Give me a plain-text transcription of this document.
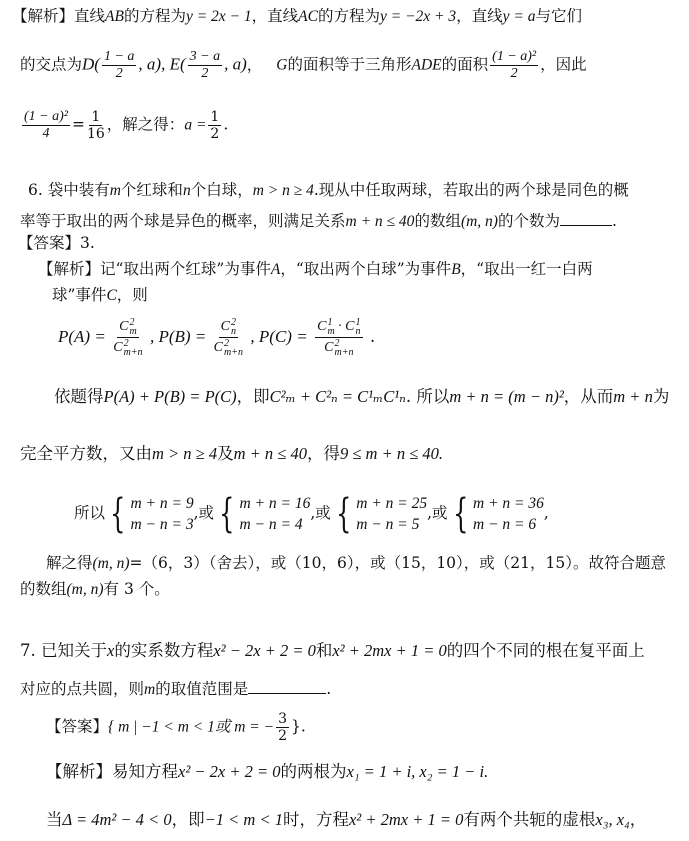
【解析】直线AB的方程为y = 2x − 1，直线AC的方程为y = −2x + 3，直线y = a与它们
的交点为$D( \frac{1 - a}{2}$ , a), $E( \frac{3 - a}{2}$ , a)， G的面积等于三角形ADE的面积 $\frac{\text{(1 − a)²}}{2}$ ，因此
$\frac{\text{(1 − a)²}}{4} = \frac{1}{16}$ ，解之得：$a = \frac{1}{2}$ .
6. 袋中装有m个红球和n个白球，m > n ≥ 4.现从中任取两球，若取出的两个球是同色的概
率等于取出的两个球是异色的概率，则满足关系m + n ≤ 40的数组(m, n)的个数为	.
【答案】3.
【解析】记“取出两个红球”为事件A，“取出两个白球”为事件B，“取出一红一白两
球”事件C，则
P(A) = C 2
m
C 2
m+n , P(B) = C 2
n
C 2
m+n , P(C) = C 1
m · C 1
n
C 2
m+n .
依题得P(A) + P(B) = P(C)，即C²ₘ + C²ₙ = C¹ₘC¹ₙ. 所以m + n = (m − n)²，从而m + n为
完全平方数，又由m > n ≥ 4及m + n ≤ 40，得9 ≤ m + n ≤ 40.
所以 { m + n = 9
m − n = 3
,或 { m + n = 16
m − n = 4
,或 { m + n = 25
m − n = 5
,或 { m + n = 36
m − n = 6
,
解之得(m, n)=（6，3）（舍去），或（10，6），或（15，10），或（21，15）。故符合题意
的数组(m, n)有 3 个。
7. 已知关于x的实系数方程x² − 2x + 2 = 0和x² + 2mx + 1 = 0的四个不同的根在复平面上
对应的点共圆，则m的取值范围是	.
【答案】{ m | −1 < m < 1或 m = − $\frac{3}{2}$ }.
【解析】易知方程x² − 2x + 2 = 0的两根为x₁ = 1 + i, x₂ = 1 − i.
当Δ = 4m² − 4 < 0，即−1 < m < 1时，方程x² + 2mx + 1 = 0有两个共轭的虚根x₃, x₄，
